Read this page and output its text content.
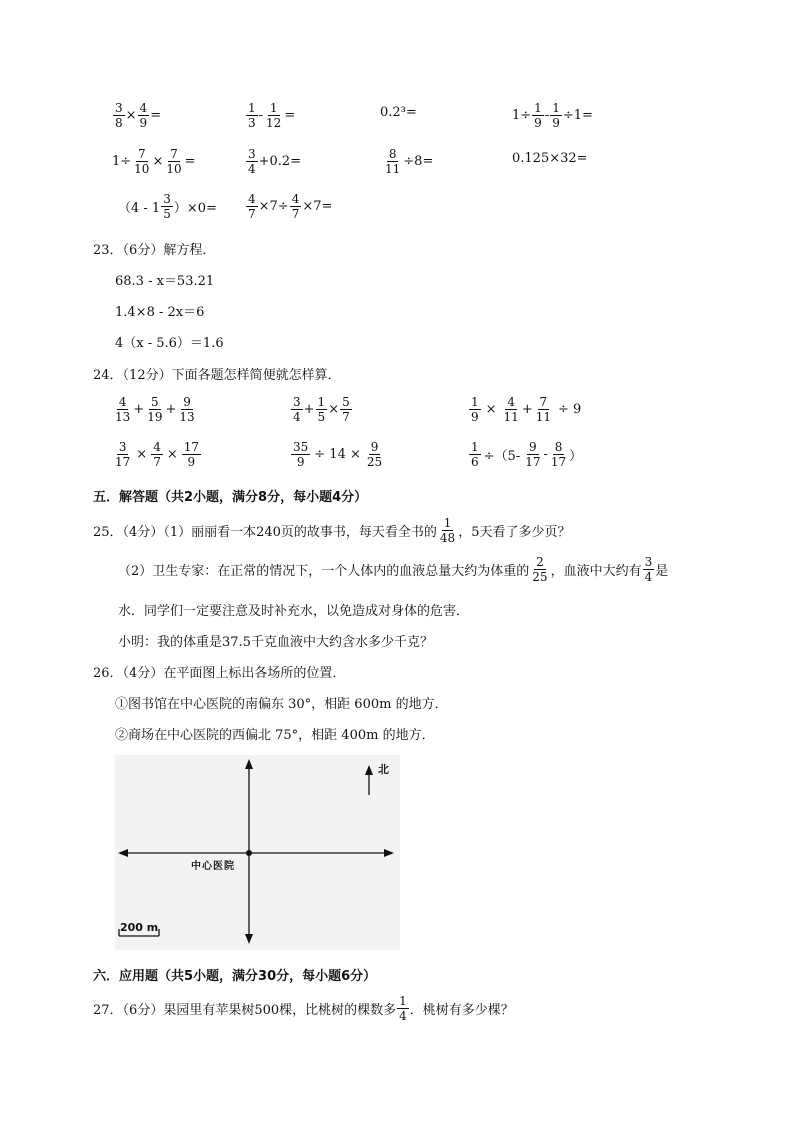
$\frac{3}{8} \times \frac{4}{9}$ =	$\frac{1}{3} - \frac{1}{12}$ =	0.2³=	$1\div \frac{1}{9} - \frac{1}{9} \div 1=$
$1\div \frac{7}{10} \times \frac{7}{10}$ =	$\frac{3}{4} +0.2=$	$\frac{8}{11} \div 8=$	0.125×32=
$(4 - 1 \frac{3}{5} )\times 0= \frac{4}{7} \times 7\div \frac{4}{7} \times 7=$
23．（6分）解方程．
68.3 - x＝53.21
1.4×8 - 2x＝6
4（x - 5.6）＝1.6
24．（12分）下面各题怎样简便就怎样算．
$\frac{4}{13} + \frac{5}{19} + \frac{9}{13}$	$\frac{3}{4} + \frac{1}{5} \times \frac{5}{7}$	$\frac{1}{9} \times \frac{4}{11} + \frac{7}{11} \div 9$
$\frac{3}{17} \times \frac{4}{7} \times \frac{17}{9}$	$\frac{35}{9} \div 14 \times \frac{9}{25}$	$\frac{1}{6} \div(5- \frac{9}{17} - \frac{8}{17}$ ）
五．解答题（共2小题，满分8分，每小题4分）
25．（4分）（1）丽丽看一本240页的故事书，每天看全书的 $\frac{1}{48}$ ，5天看了多少页？
（2）卫生专家：在正常的情况下，一个人体内的血液总量大约为体重的 $\frac{2}{25}$ ，血液中大约有 $\frac{3}{4}$ 是
水．同学们一定要注意及时补充水，以免造成对身体的危害．
小明：我的体重是37.5千克血液中大约含水多少千克？
26．（4分）在平面图上标出各场所的位置．
①图书馆在中心医院的南偏东 30°，相距 600m 的地方．
②商场在中心医院的西偏北 75°，相距 400m 的地方．
北
中心医院
200 m
六．应用题（共5小题，满分30分，每小题6分）
27．（6分）果园里有苹果树500棵，比桃树的棵数多 $\frac{1}{4}$ ．桃树有多少棵？
